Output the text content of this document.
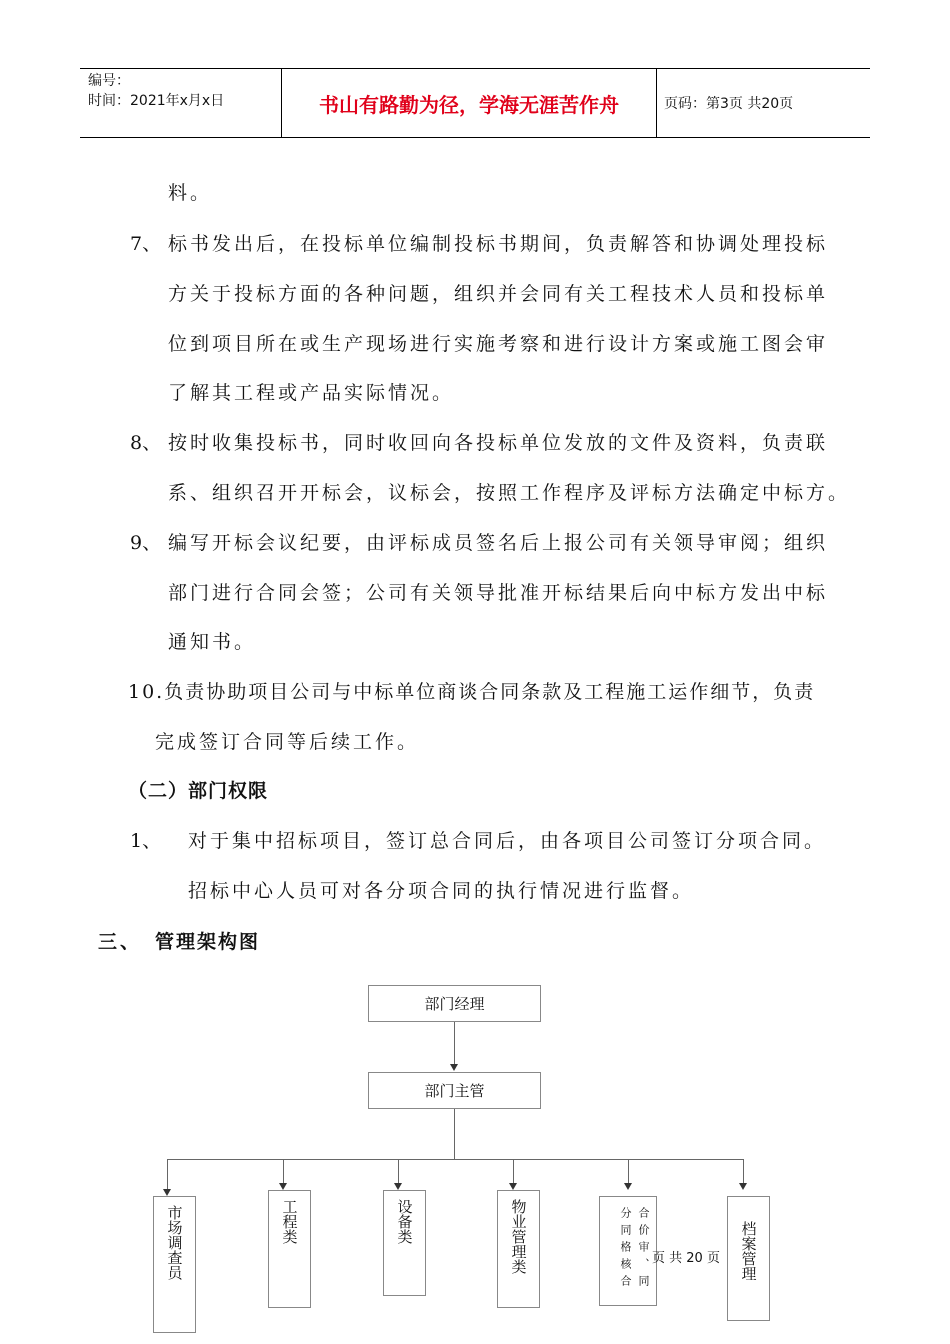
编号：
时间：2021年x月x日	书山有路勤为径，学海无涯苦作舟	页码：第3页 共20页
料。
7、 标书发出后，在投标单位编制投标书期间，负责解答和协调处理投标
方关于投标方面的各种问题，组织并会同有关工程技术人员和投标单
位到项目所在或生产现场进行实施考察和进行设计方案或施工图会审
了解其工程或产品实际情况。
8、 按时收集投标书，同时收回向各投标单位发放的文件及资料，负责联
系、组织召开开标会，议标会，按照工作程序及评标方法确定中标方。
9、 编写开标会议纪要，由评标成员签名后上报公司有关领导审阅；组织
部门进行合同会签；公司有关领导批准开标结果后向中标方发出中标
通知书。
10.负责协助项目公司与中标单位商谈合同条款及工程施工运作细节，负责
完成签订合同等后续工作。
（二）部门权限
1、 对于集中招标项目，签订总合同后，由各项目公司签订分项合同。
招标中心人员可对各分项合同的执行情况进行监督。
三、 管理架构图
部门经理
部门主管
市场调查员	工程类	设备类	物业管理类	分同格核合 合价审、同 页 共 20 页 档案管理
